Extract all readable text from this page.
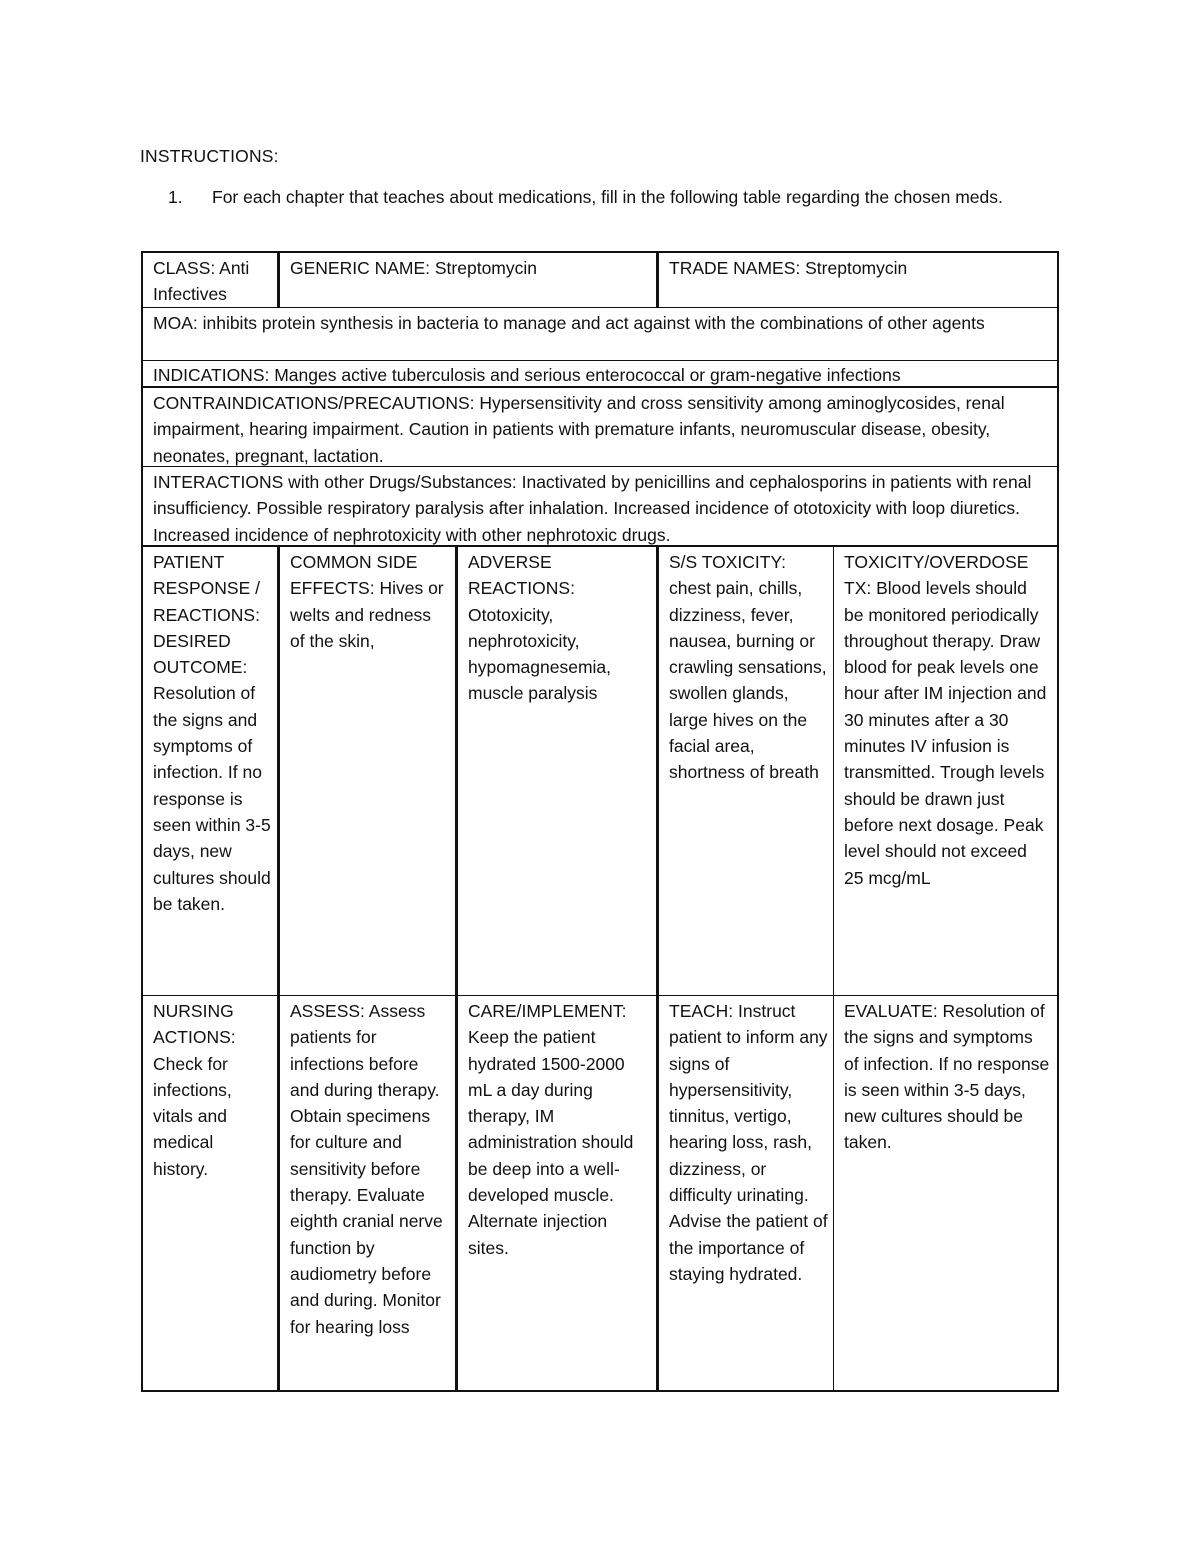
INSTRUCTIONS:
1. For each chapter that teaches about medications, fill in the following table regarding the chosen meds.
CLASS: Anti Infectives
GENERIC NAME: Streptomycin	TRADE NAMES: Streptomycin
MOA: inhibits protein synthesis in bacteria to manage and act against with the combinations of other agents
INDICATIONS: Manges active tuberculosis and serious enterococcal or gram-negative infections
CONTRAINDICATIONS/PRECAUTIONS: Hypersensitivity and cross sensitivity among aminoglycosides, renal impairment, hearing impairment. Caution in patients with premature infants, neuromuscular disease, obesity, neonates, pregnant, lactation.
INTERACTIONS with other Drugs/Substances: Inactivated by penicillins and cephalosporins in patients with renal insufficiency. Possible respiratory paralysis after inhalation. Increased incidence of ototoxicity with loop diuretics. Increased incidence of nephrotoxicity with other nephrotoxic drugs.
PATIENT RESPONSE / REACTIONS: DESIRED OUTCOME: Resolution of the signs and symptoms of infection. If no response is seen within 3-5 days, new cultures should be taken.
COMMON SIDE EFFECTS: Hives or welts and redness of the skin,
ADVERSE REACTIONS: Ototoxicity, nephrotoxicity, hypomagnesemia, muscle paralysis
S/S TOXICITY: chest pain, chills, dizziness, fever, nausea, burning or crawling sensations, swollen glands, large hives on the facial area, shortness of breath
TOXICITY/OVERDOSE TX: Blood levels should be monitored periodically throughout therapy. Draw blood for peak levels one hour after IM injection and 30 minutes after a 30 minutes IV infusion is transmitted. Trough levels should be drawn just before next dosage. Peak level should not exceed 25 mcg/mL
NURSING ACTIONS: Check for infections, vitals and medical history.
ASSESS: Assess patients for infections before and during therapy. Obtain specimens for culture and sensitivity before therapy. Evaluate eighth cranial nerve function by audiometry before and during. Monitor for hearing loss
CARE/IMPLEMENT: Keep the patient hydrated 1500-2000 mL a day during therapy, IM administration should be deep into a well-developed muscle. Alternate injection sites.
TEACH: Instruct patient to inform any signs of hypersensitivity, tinnitus, vertigo, hearing loss, rash, dizziness, or difficulty urinating. Advise the patient of the importance of staying hydrated.
EVALUATE: Resolution of the signs and symptoms of infection. If no response is seen within 3-5 days, new cultures should be taken.
